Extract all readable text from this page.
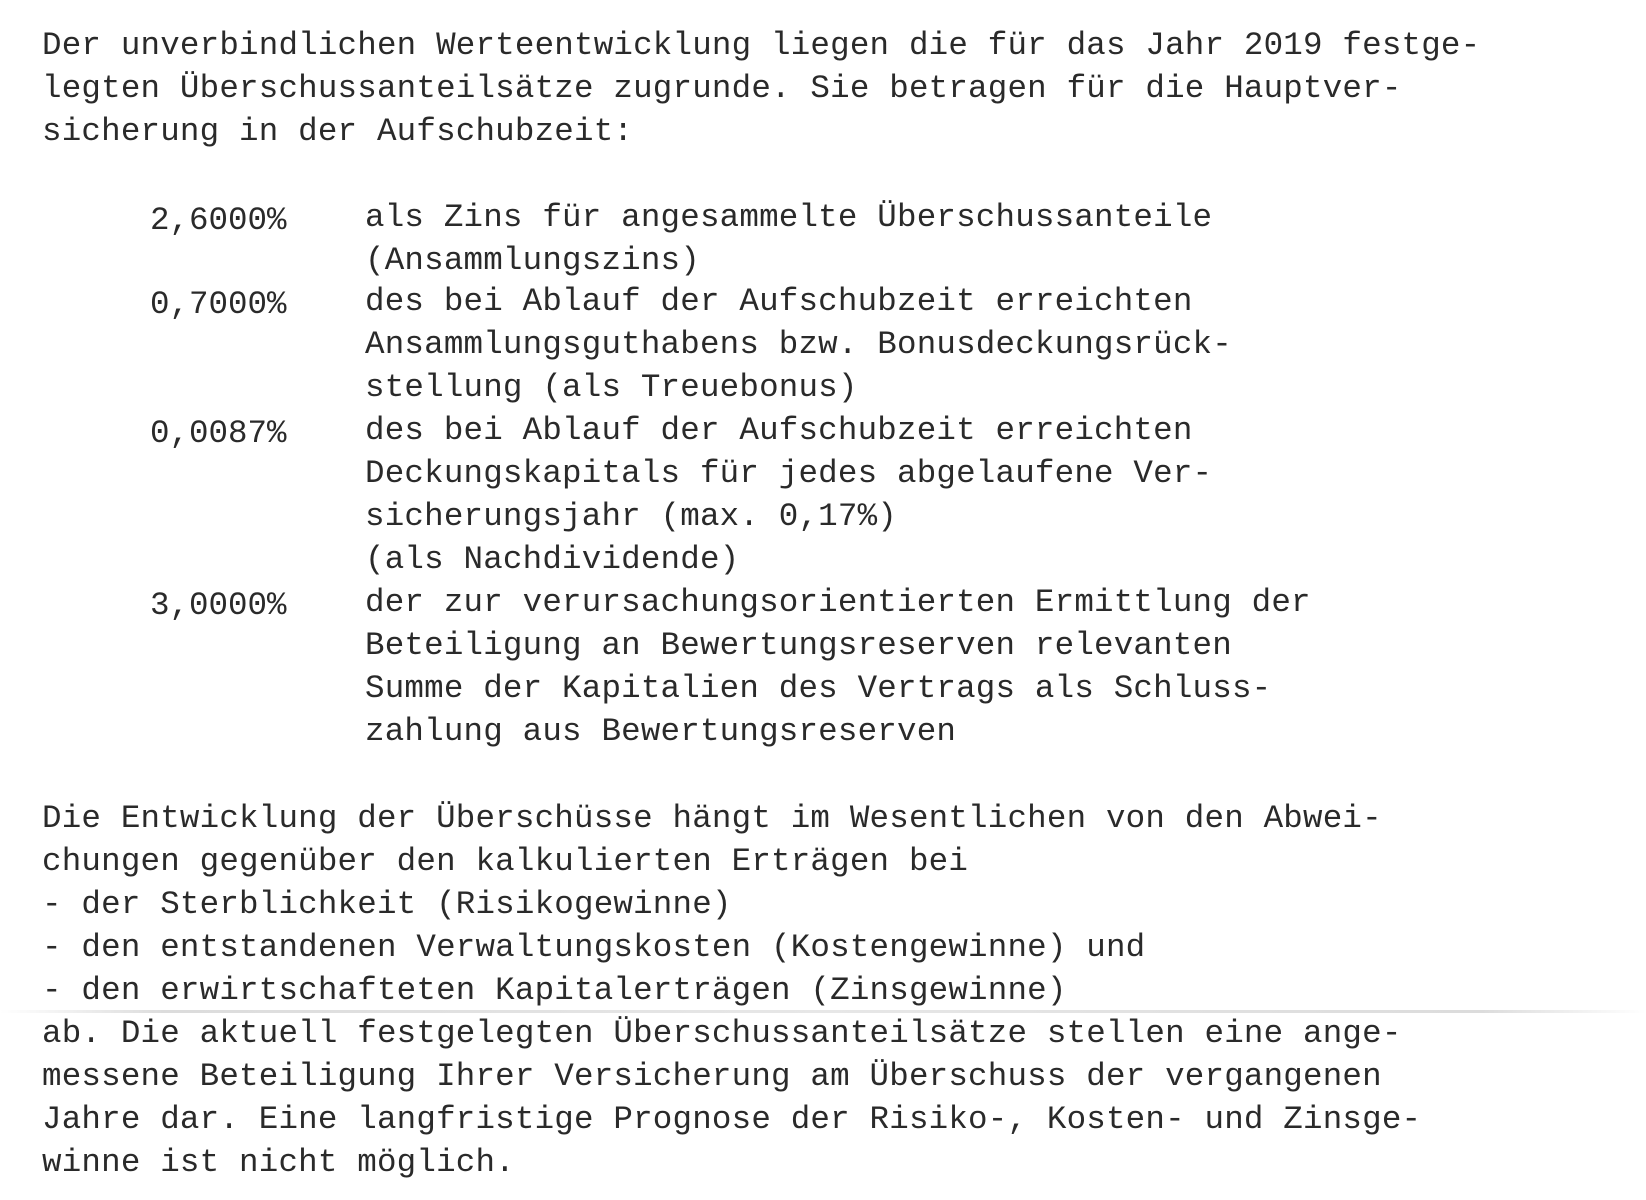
Der unverbindlichen Werteentwicklung liegen die für das Jahr 2019 festge-
legten Überschussanteilsätze zugrunde. Sie betragen für die Hauptver-
sicherung in der Aufschubzeit:
2,6000% als Zins für angesammelte Überschussanteile
(Ansammlungszins)
0,7000% des bei Ablauf der Aufschubzeit erreichten
Ansammlungsguthabens bzw. Bonusdeckungsrück-
stellung (als Treuebonus)
0,0087% des bei Ablauf der Aufschubzeit erreichten
Deckungskapitals für jedes abgelaufene Ver-
sicherungsjahr (max. 0,17%)
(als Nachdividende)
3,0000% der zur verursachungsorientierten Ermittlung der
Beteiligung an Bewertungsreserven relevanten
Summe der Kapitalien des Vertrags als Schluss-
zahlung aus Bewertungsreserven
Die Entwicklung der Überschüsse hängt im Wesentlichen von den Abwei-
chungen gegenüber den kalkulierten Erträgen bei
- der Sterblichkeit (Risikogewinne)
- den entstandenen Verwaltungskosten (Kostengewinne) und
- den erwirtschafteten Kapitalerträgen (Zinsgewinne)
ab. Die aktuell festgelegten Überschussanteilsätze stellen eine ange-
messene Beteiligung Ihrer Versicherung am Überschuss der vergangenen
Jahre dar. Eine langfristige Prognose der Risiko-, Kosten- und Zinsge-
winne ist nicht möglich.
